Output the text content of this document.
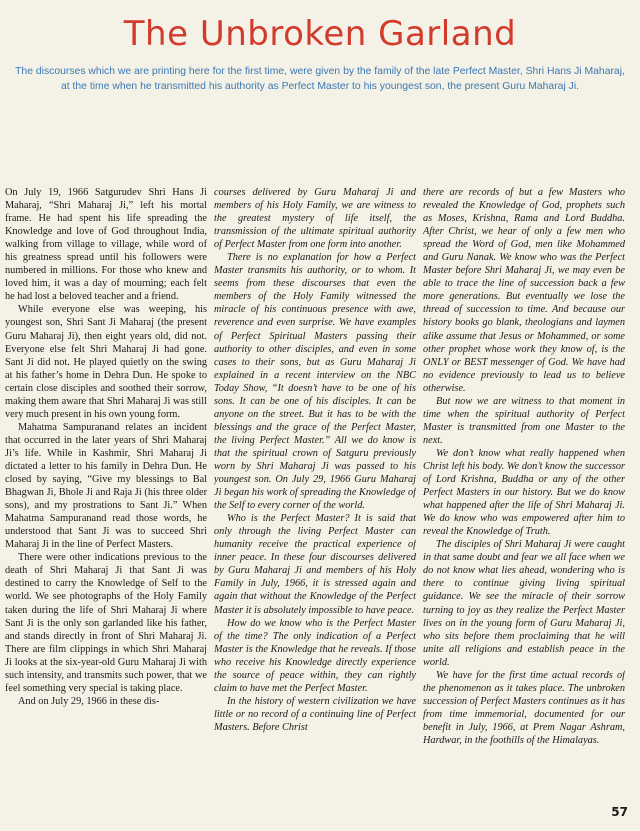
The Unbroken Garland

The discourses which we are printing here for the first time, were given by the family of the late Perfect Master, Shri Hans Ji Maharaj, at the time when he transmitted his authority as Perfect Master to his youngest son, the present Guru Maharaj Ji.

On July 19, 1966 Satgurudev Shri Hans Ji Maharaj, “Shri Maharaj Ji,” left his mortal frame. He had spent his life spreading the Knowledge and love of God throughout India, walking from village to village, while word of his greatness spread until his followers were numbered in millions. For those who knew and loved him, it was a day of mourning; each felt he had lost a beloved teacher and a friend.

While everyone else was weeping, his youngest son, Shri Sant Ji Maharaj (the present Guru Maharaj Ji), then eight years old, did not. Everyone else felt Shri Maharaj Ji had gone. Sant Ji did not. He played quietly on the swing at his father’s home in Dehra Dun. He spoke to certain close disciples and soothed their sorrow, making them aware that Shri Maharaj Ji was still very much present in his own young form.

Mahatma Sampuranand relates an incident that occurred in the later years of Shri Maharaj Ji’s life. While in Kashmir, Shri Maharaj Ji dictated a letter to his family in Dehra Dun. He closed by saying, “Give my blessings to Bal Bhagwan Ji, Bhole Ji and Raja Ji (his three older sons), and my prostrations to Sant Ji.” When Mahatma Sampuranand read those words, he understood that Sant Ji was to succeed Shri Maharaj Ji in the line of Perfect Masters.

There were other indications previous to the death of Shri Maharaj Ji that Sant Ji was destined to carry the Knowledge of Self to the world. We see photographs of the Holy Family taken during the life of Shri Maharaj Ji where Sant Ji is the only son garlanded like his father, and stands directly in front of Shri Maharaj Ji. There are film clippings in which Shri Maharaj Ji looks at the six-year-old Guru Maharaj Ji with such intensity, and transmits such power, that we feel something very special is taking place.

And on July 29, 1966 in these dis-

courses delivered by Guru Maharaj Ji and members of his Holy Family, we are witness to the greatest mystery of life itself, the transmission of the ultimate spiritual authority of Perfect Master from one form into another.

There is no explanation for how a Perfect Master transmits his authority, or to whom. It seems from these discourses that even the members of the Holy Family witnessed the miracle of his continuous presence with awe, reverence and even surprise. We have examples of Perfect Spiritual Masters passing their authority to other disciples, and even in some cases to their sons, but as Guru Maharaj Ji explained in a recent interview on the NBC Today Show, “It doesn’t have to be one of his sons. It can be one of his disciples. It can be anyone on the street. But it has to be with the blessings and the grace of the Perfect Master, the living Perfect Master.” All we do know is that the spiritual crown of Satguru previously worn by Shri Maharaj Ji was passed to his youngest son. On July 29, 1966 Guru Maharaj Ji began his work of spreading the Knowledge of the Self to every corner of the world.

Who is the Perfect Master? It is said that only through the living Perfect Master can humanity receive the practical experience of inner peace. In these four discourses delivered by Guru Maharaj Ji and members of his Holy Family in July, 1966, it is stressed again and again that without the Knowledge of the Perfect Master it is absolutely impossible to have peace.

How do we know who is the Perfect Master of the time? The only indication of a Perfect Master is the Knowledge that he reveals. If those who receive his Knowledge directly experience the source of peace within, they can rightly claim to have met the Perfect Master.

In the history of western civilization we have little or no record of a continuing line of Perfect Masters. Before Christ

there are records of but a few Masters who revealed the Knowledge of God, prophets such as Moses, Krishna, Rama and Lord Buddha. After Christ, we hear of only a few men who spread the Word of God, men like Mohammed and Guru Nanak. We know who was the Perfect Master before Shri Maharaj Ji, we may even be able to trace the line of succession back a few more generations. But eventually we lose the thread of succession to time. And because our history books go blank, theologians and laymen alike assume that Jesus or Mohammed, or some other prophet whose work they know of, is the ONLY or BEST messenger of God. We have had no evidence previously to lead us to believe otherwise.

But now we are witness to that moment in time when the spiritual authority of Perfect Master is transmitted from one Master to the next.

We don’t know what really happened when Christ left his body. We don’t know the successor of Lord Krishna, Buddha or any of the other Perfect Masters in our history. But we do know what happened after the life of Shri Maharaj Ji. We do know who was empowered after him to reveal the Knowledge of Truth.

The disciples of Shri Maharaj Ji were caught in that same doubt and fear we all face when we do not know what lies ahead, wondering who is there to continue giving living spiritual guidance. We see the miracle of their sorrow turning to joy as they realize the Perfect Master lives on in the young form of Guru Maharaj Ji, who sits before them proclaiming that he will unite all religions and establish peace in the world.

We have for the first time actual records of the phenomenon as it takes place. The unbroken succession of Perfect Masters continues as it has from time immemorial, documented for our benefit in July, 1966, at Prem Nagar Ashram, Hardwar, in the foothills of the Himalayas.

57
